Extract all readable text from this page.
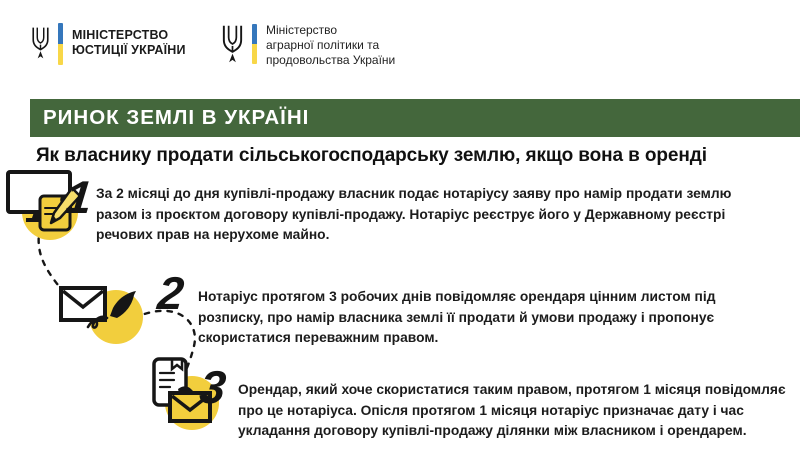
МІНІСТЕРСТВО
ЮСТИЦІЇ УКРАЇНИ
Міністерство
аграрної політики та
продовольства України
РИНОК ЗЕМЛІ В УКРАЇНІ
Як власнику продати сільськогосподарську землю, якщо вона в оренді
1 За 2 місяці до дня купівлі-продажу власник подає нотаріусу заяву про намір продати землю разом із проєктом договору купівлі-продажу. Нотаріус реєструє його у Державному реєстрі речових прав на нерухоме майно.
2 Нотаріус протягом 3 робочих днів повідомляє орендаря цінним листом під розписку, про намір власника землі її продати й умови продажу і пропонує скористатися переважним правом.
3 Орендар, який хоче скористатися таким правом, протягом 1 місяця повідомляє про це нотаріуса. Опісля протягом 1 місяця нотаріус призначає дату і час укладання договору купівлі-продажу ділянки між власником і орендарем.
